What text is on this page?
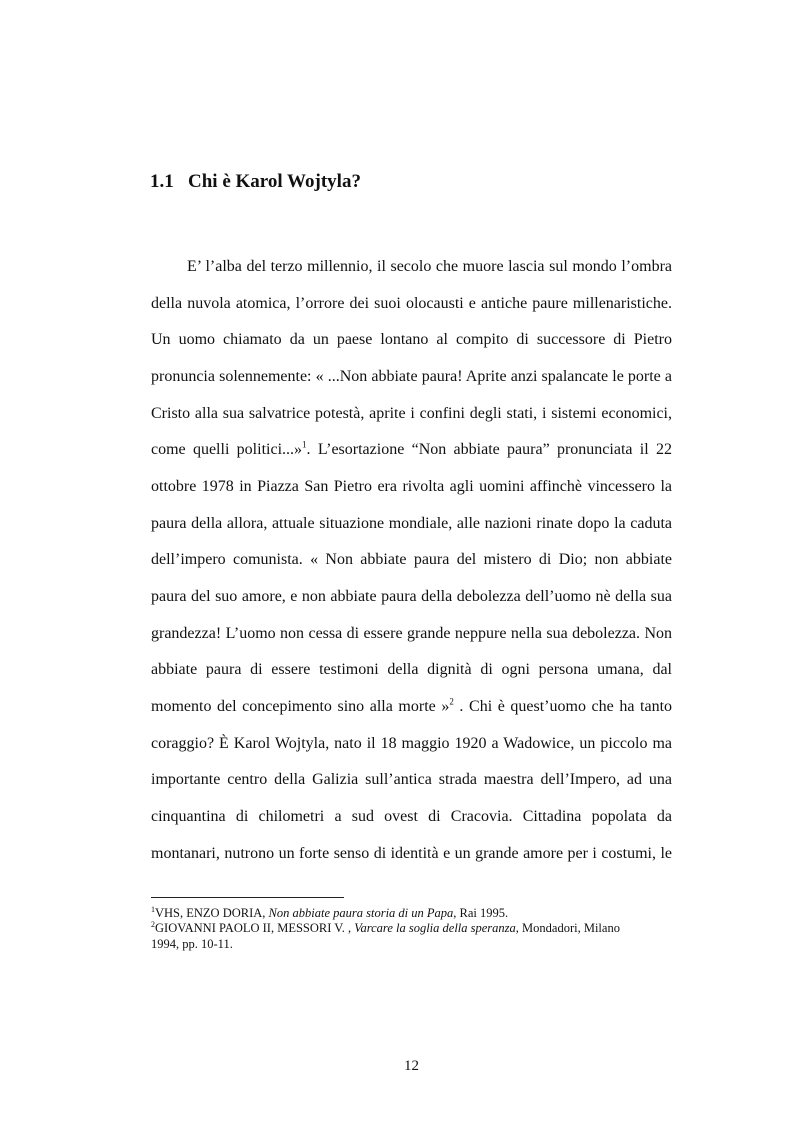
1.1 Chi è Karol Wojtyla?
E’ l’alba del terzo millennio, il secolo che muore lascia sul mondo l’ombra
della nuvola atomica, l’orrore dei suoi olocausti e antiche paure millenaristiche.
Un uomo chiamato da un paese lontano al compito di successore di Pietro
pronuncia solennemente: « ...Non abbiate paura! Aprite anzi spalancate le porte a
Cristo alla sua salvatrice potestà, aprite i confini degli stati, i sistemi economici,
come quelli politici...»$^1$. L’esortazione “Non abbiate paura” pronunciata il 22
ottobre 1978 in Piazza San Pietro era rivolta agli uomini affinchè vincessero la
paura della allora, attuale situazione mondiale, alle nazioni rinate dopo la caduta
dell’impero comunista. « Non abbiate paura del mistero di Dio; non abbiate
paura del suo amore, e non abbiate paura della debolezza dell’uomo nè della sua
grandezza! L’uomo non cessa di essere grande neppure nella sua debolezza. Non
abbiate paura di essere testimoni della dignità di ogni persona umana, dal
momento del concepimento sino alla morte »$^2$ . Chi è quest’uomo che ha tanto
coraggio? È Karol Wojtyla, nato il 18 maggio 1920 a Wadowice, un piccolo ma
importante centro della Galizia sull’antica strada maestra dell’Impero, ad una
cinquantina di chilometri a sud ovest di Cracovia. Cittadina popolata da
montanari, nutrono un forte senso di identità e un grande amore per i costumi, le
$^1$VHS, ENZO DORIA, Non abbiate paura storia di un Papa, Rai 1995.
$^2$GIOVANNI PAOLO II, MESSORI V. , Varcare la soglia della speranza, Mondadori, Milano
1994, pp. 10-11.
12
